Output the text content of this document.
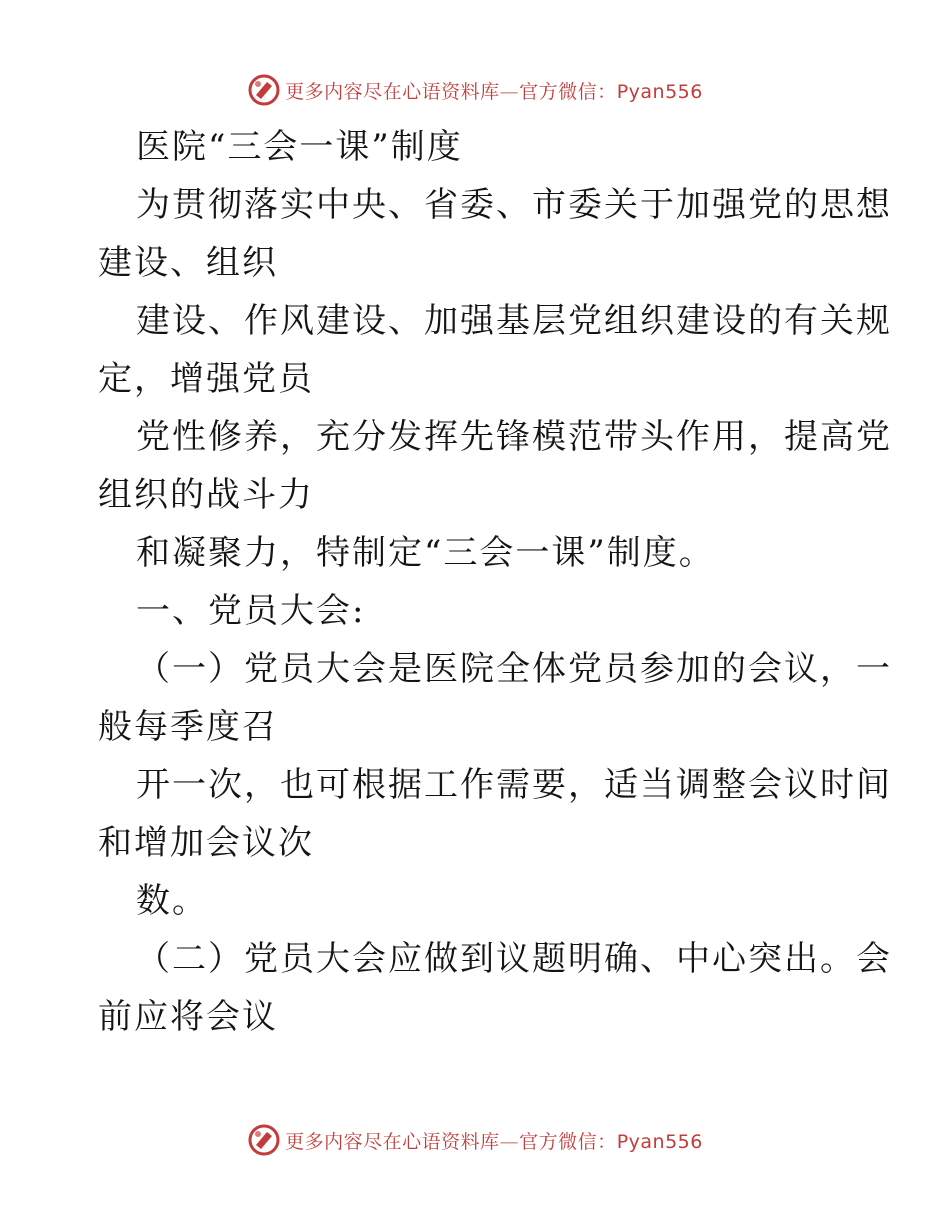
更多内容尽在心语资料库—官方微信：Pyan556
医院“三会一课”制度
为贯彻落实中央、省委、市委关于加强党的思想
建设、组织
建设、作风建设、加强基层党组织建设的有关规
定，增强党员
党性修养，充分发挥先锋模范带头作用，提高党
组织的战斗力
和凝聚力，特制定“三会一课”制度。
一、党员大会:
（一）党员大会是医院全体党员参加的会议，一
般每季度召
开一次，也可根据工作需要，适当调整会议时间
和增加会议次
数。
（二）党员大会应做到议题明确、中心突出。会
前应将会议
更多内容尽在心语资料库—官方微信：Pyan556
